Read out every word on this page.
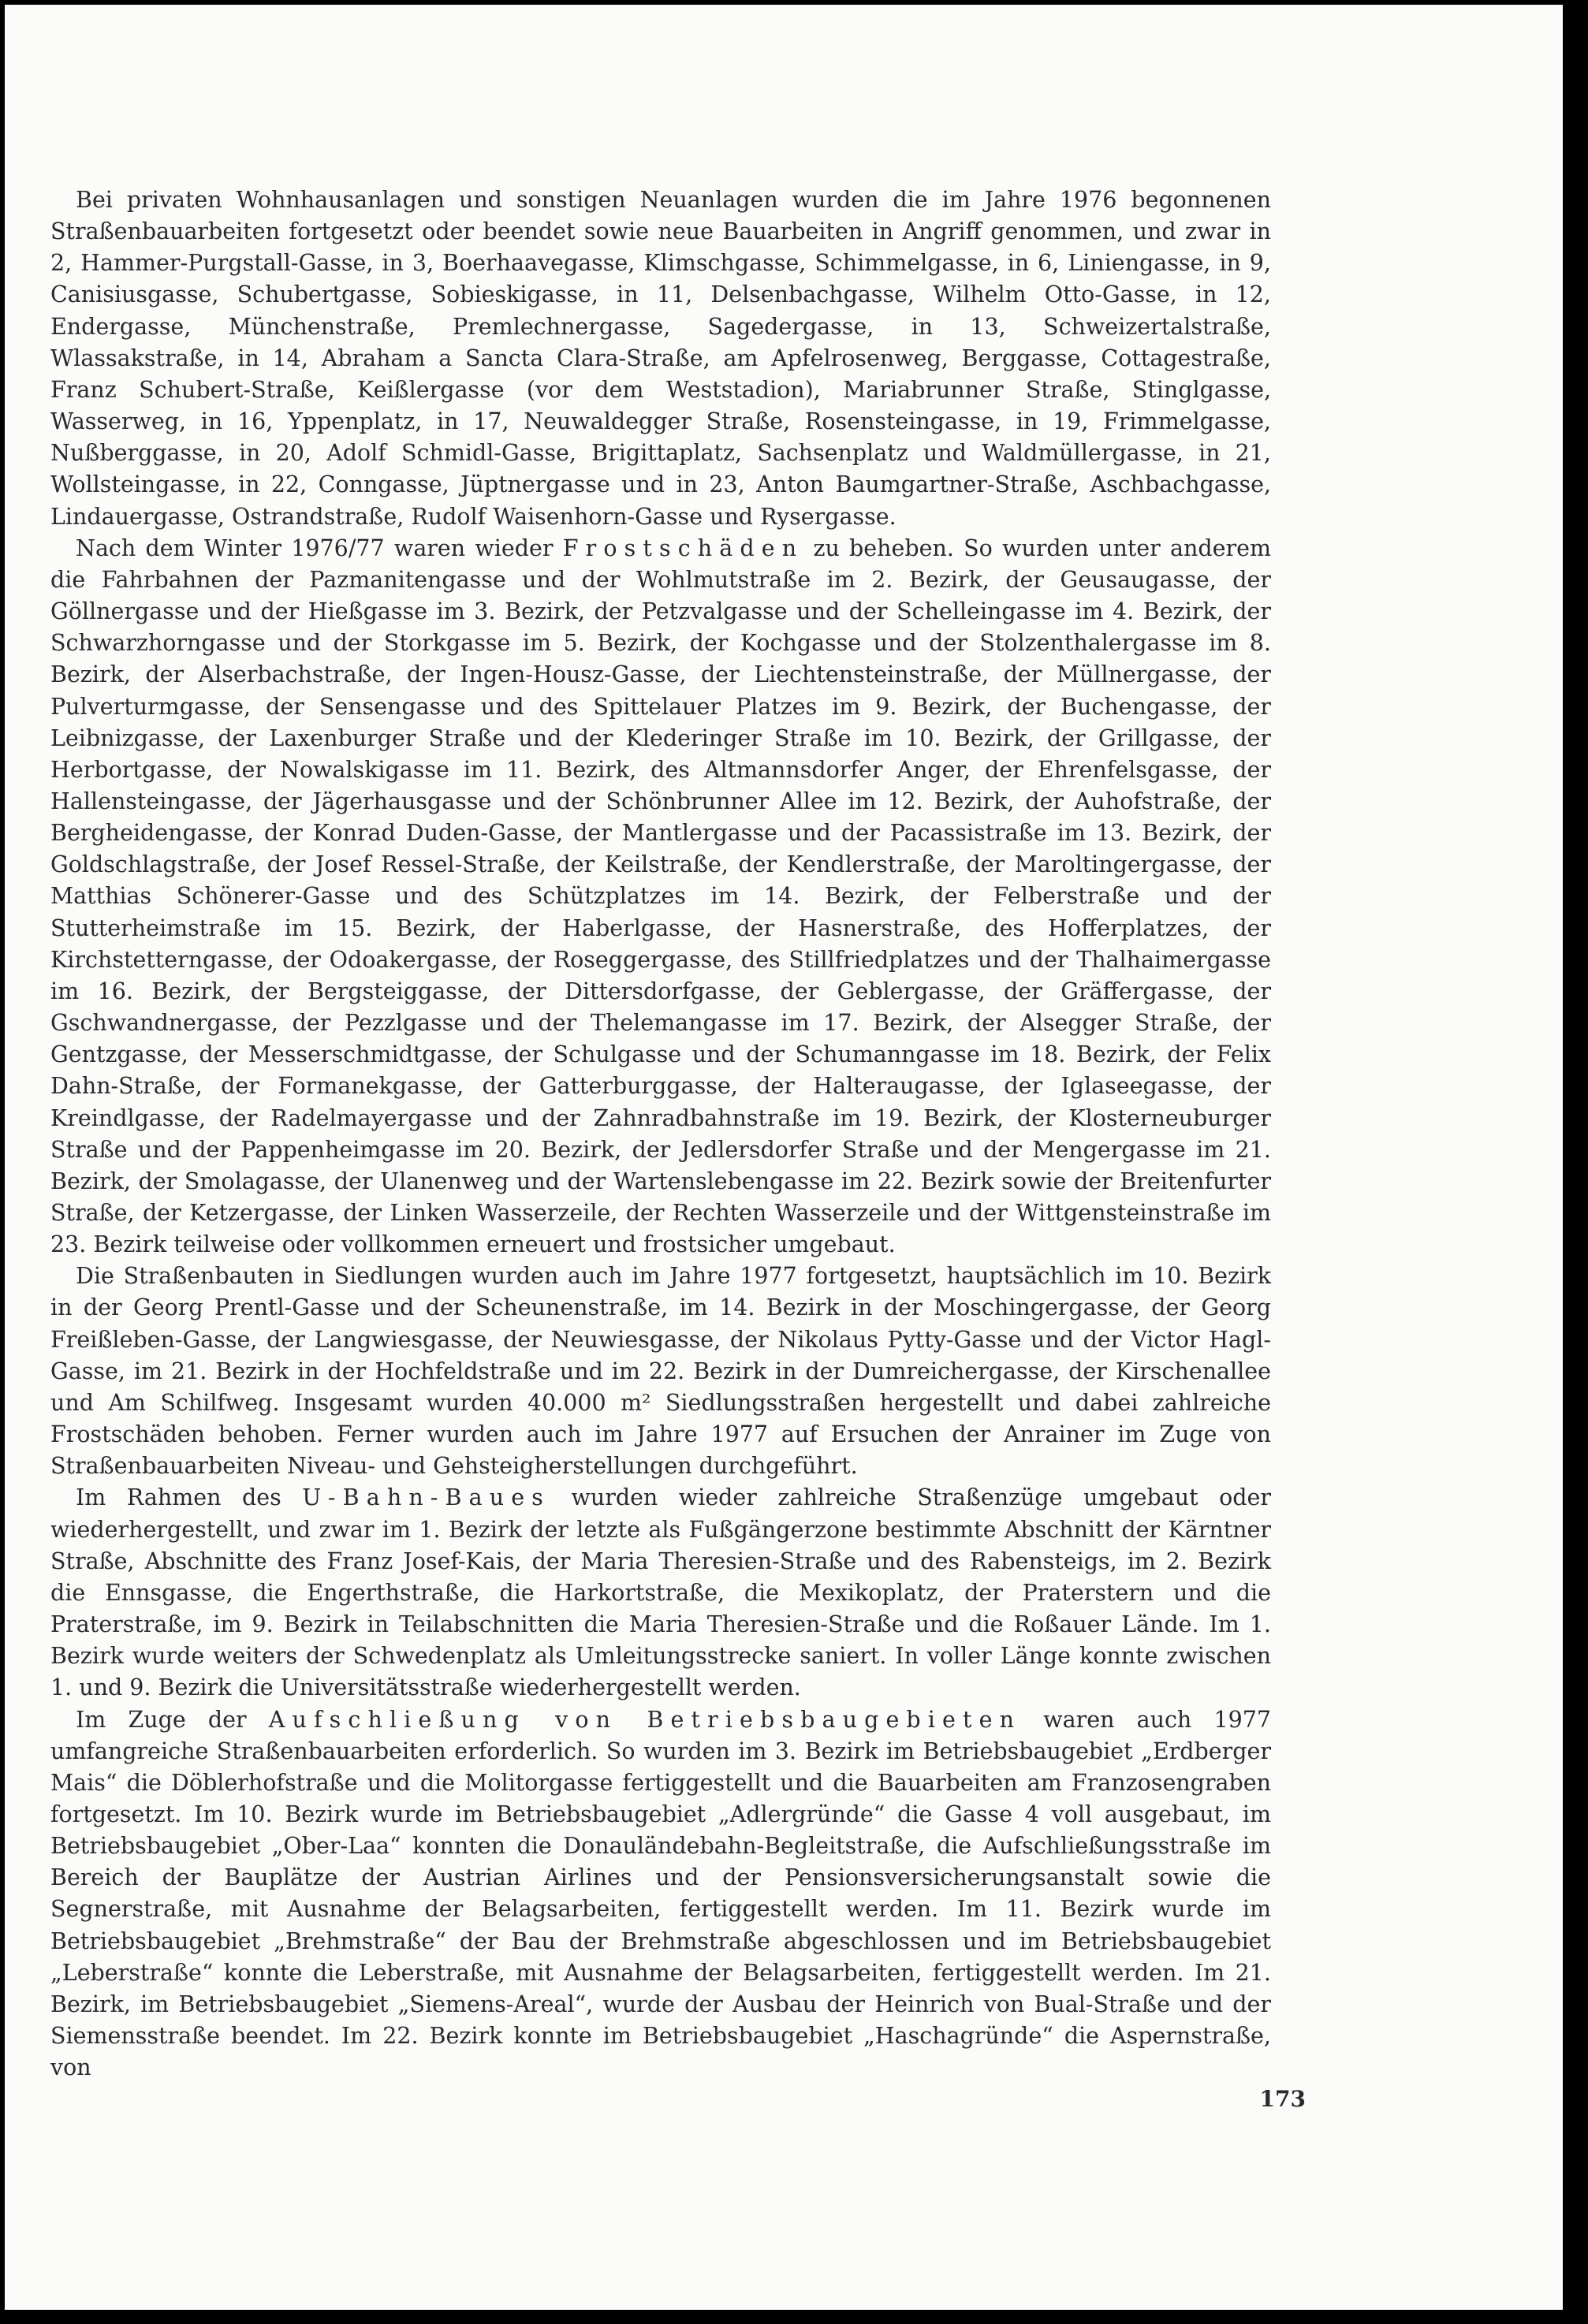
Bei privaten Wohnhausanlagen und sonstigen Neuanlagen wurden die im Jahre 1976 begonnenen Straßenbauarbeiten fortgesetzt oder beendet sowie neue Bauarbeiten in Angriff genommen, und zwar in 2, Hammer-Purgstall-Gasse, in 3, Boerhaavegasse, Klimschgasse, Schimmelgasse, in 6, Liniengasse, in 9, Canisiusgasse, Schubertgasse, Sobieskigasse, in 11, Delsenbachgasse, Wilhelm Otto-Gasse, in 12, Endergasse, Münchenstraße, Premlechnergasse, Sagedergasse, in 13, Schweizertalstraße, Wlassakstraße, in 14, Abraham a Sancta Clara-Straße, am Apfelrosenweg, Berggasse, Cottagestraße, Franz Schubert-Straße, Keißlergasse (vor dem Weststadion), Mariabrunner Straße, Stinglgasse, Wasserweg, in 16, Yppenplatz, in 17, Neuwaldegger Straße, Rosensteingasse, in 19, Frimmelgasse, Nußberggasse, in 20, Adolf Schmidl-Gasse, Brigittaplatz, Sachsenplatz und Waldmüllergasse, in 21, Wollsteingasse, in 22, Conngasse, Jüptnergasse und in 23, Anton Baumgartner-Straße, Aschbachgasse, Lindauergasse, Ostrandstraße, Rudolf Waisenhorn-Gasse und Rysergasse.

Nach dem Winter 1976/77 waren wieder Frostschäden zu beheben. So wurden unter anderem die Fahrbahnen der Pazmanitengasse und der Wohlmutstraße im 2. Bezirk, der Geusaugasse, der Göllnergasse und der Hießgasse im 3. Bezirk, der Petzvalgasse und der Schelleingasse im 4. Bezirk, der Schwarzhorngasse und der Storkgasse im 5. Bezirk, der Kochgasse und der Stolzenthalergasse im 8. Bezirk, der Alserbachstraße, der Ingen-Housz-Gasse, der Liechtensteinstraße, der Müllnergasse, der Pulverturmgasse, der Sensengasse und des Spittelauer Platzes im 9. Bezirk, der Buchengasse, der Leibnizgasse, der Laxenburger Straße und der Klederinger Straße im 10. Bezirk, der Grillgasse, der Herbortgasse, der Nowalskigasse im 11. Bezirk, des Altmannsdorfer Anger, der Ehrenfelsgasse, der Hallensteingasse, der Jägerhausgasse und der Schönbrunner Allee im 12. Bezirk, der Auhofstraße, der Bergheidengasse, der Konrad Duden-Gasse, der Mantlergasse und der Pacassistraße im 13. Bezirk, der Goldschlagstraße, der Josef Ressel-Straße, der Keilstraße, der Kendlerstraße, der Maroltingergasse, der Matthias Schönerer-Gasse und des Schützplatzes im 14. Bezirk, der Felberstraße und der Stutterheimstraße im 15. Bezirk, der Haberlgasse, der Hasnerstraße, des Hofferplatzes, der Kirchstetterngasse, der Odoakergasse, der Roseggergasse, des Stillfriedplatzes und der Thalhaimergasse im 16. Bezirk, der Bergsteiggasse, der Dittersdorfgasse, der Geblergasse, der Gräffergasse, der Gschwandnergasse, der Pezzlgasse und der Thelemangasse im 17. Bezirk, der Alsegger Straße, der Gentzgasse, der Messerschmidtgasse, der Schulgasse und der Schumanngasse im 18. Bezirk, der Felix Dahn-Straße, der Formanekgasse, der Gatterburggasse, der Halteraugasse, der Iglaseegasse, der Kreindlgasse, der Radelmayergasse und der Zahnradbahnstraße im 19. Bezirk, der Klosterneuburger Straße und der Pappenheimgasse im 20. Bezirk, der Jedlersdorfer Straße und der Mengergasse im 21. Bezirk, der Smolagasse, der Ulanenweg und der Wartenslebengasse im 22. Bezirk sowie der Breitenfurter Straße, der Ketzergasse, der Linken Wasserzeile, der Rechten Wasserzeile und der Wittgensteinstraße im 23. Bezirk teilweise oder vollkommen erneuert und frostsicher umgebaut.

Die Straßenbauten in Siedlungen wurden auch im Jahre 1977 fortgesetzt, hauptsächlich im 10. Bezirk in der Georg Prentl-Gasse und der Scheunenstraße, im 14. Bezirk in der Moschingergasse, der Georg Freißleben-Gasse, der Langwiesgasse, der Neuwiesgasse, der Nikolaus Pytty-Gasse und der Victor Hagl-Gasse, im 21. Bezirk in der Hochfeldstraße und im 22. Bezirk in der Dumreichergasse, der Kirschenallee und Am Schilfweg. Insgesamt wurden 40.000 m² Siedlungsstraßen hergestellt und dabei zahlreiche Frostschäden behoben. Ferner wurden auch im Jahre 1977 auf Ersuchen der Anrainer im Zuge von Straßenbauarbeiten Niveau- und Gehsteigherstellungen durchgeführt.

Im Rahmen des U-Bahn-Baues wurden wieder zahlreiche Straßenzüge umgebaut oder wiederhergestellt, und zwar im 1. Bezirk der letzte als Fußgängerzone bestimmte Abschnitt der Kärntner Straße, Abschnitte des Franz Josef-Kais, der Maria Theresien-Straße und des Rabensteigs, im 2. Bezirk die Ennsgasse, die Engerthstraße, die Harkortstraße, die Mexikoplatz, der Praterstern und die Praterstraße, im 9. Bezirk in Teilabschnitten die Maria Theresien-Straße und die Roßauer Lände. Im 1. Bezirk wurde weiters der Schwedenplatz als Umleitungsstrecke saniert. In voller Länge konnte zwischen 1. und 9. Bezirk die Universitätsstraße wiederhergestellt werden.

Im Zuge der Aufschließung von Betriebsbaugebieten waren auch 1977 umfangreiche Straßenbauarbeiten erforderlich. So wurden im 3. Bezirk im Betriebsbaugebiet „Erdberger Mais“ die Döblerhofstraße und die Molitorgasse fertiggestellt und die Bauarbeiten am Franzosengraben fortgesetzt. Im 10. Bezirk wurde im Betriebsbaugebiet „Adlergründe“ die Gasse 4 voll ausgebaut, im Betriebsbaugebiet „Ober-Laa“ konnten die Donauländebahn-Begleitstraße, die Aufschließungsstraße im Bereich der Bauplätze der Austrian Airlines und der Pensionsversicherungsanstalt sowie die Segnerstraße, mit Ausnahme der Belagsarbeiten, fertiggestellt werden. Im 11. Bezirk wurde im Betriebsbaugebiet „Brehmstraße“ der Bau der Brehmstraße abgeschlossen und im Betriebsbaugebiet „Leberstraße“ konnte die Leberstraße, mit Ausnahme der Belagsarbeiten, fertiggestellt werden. Im 21. Bezirk, im Betriebsbaugebiet „Siemens-Areal“, wurde der Ausbau der Heinrich von Bual-Straße und der Siemensstraße beendet. Im 22. Bezirk konnte im Betriebsbaugebiet „Haschagründe“ die Aspernstraße, von

173
